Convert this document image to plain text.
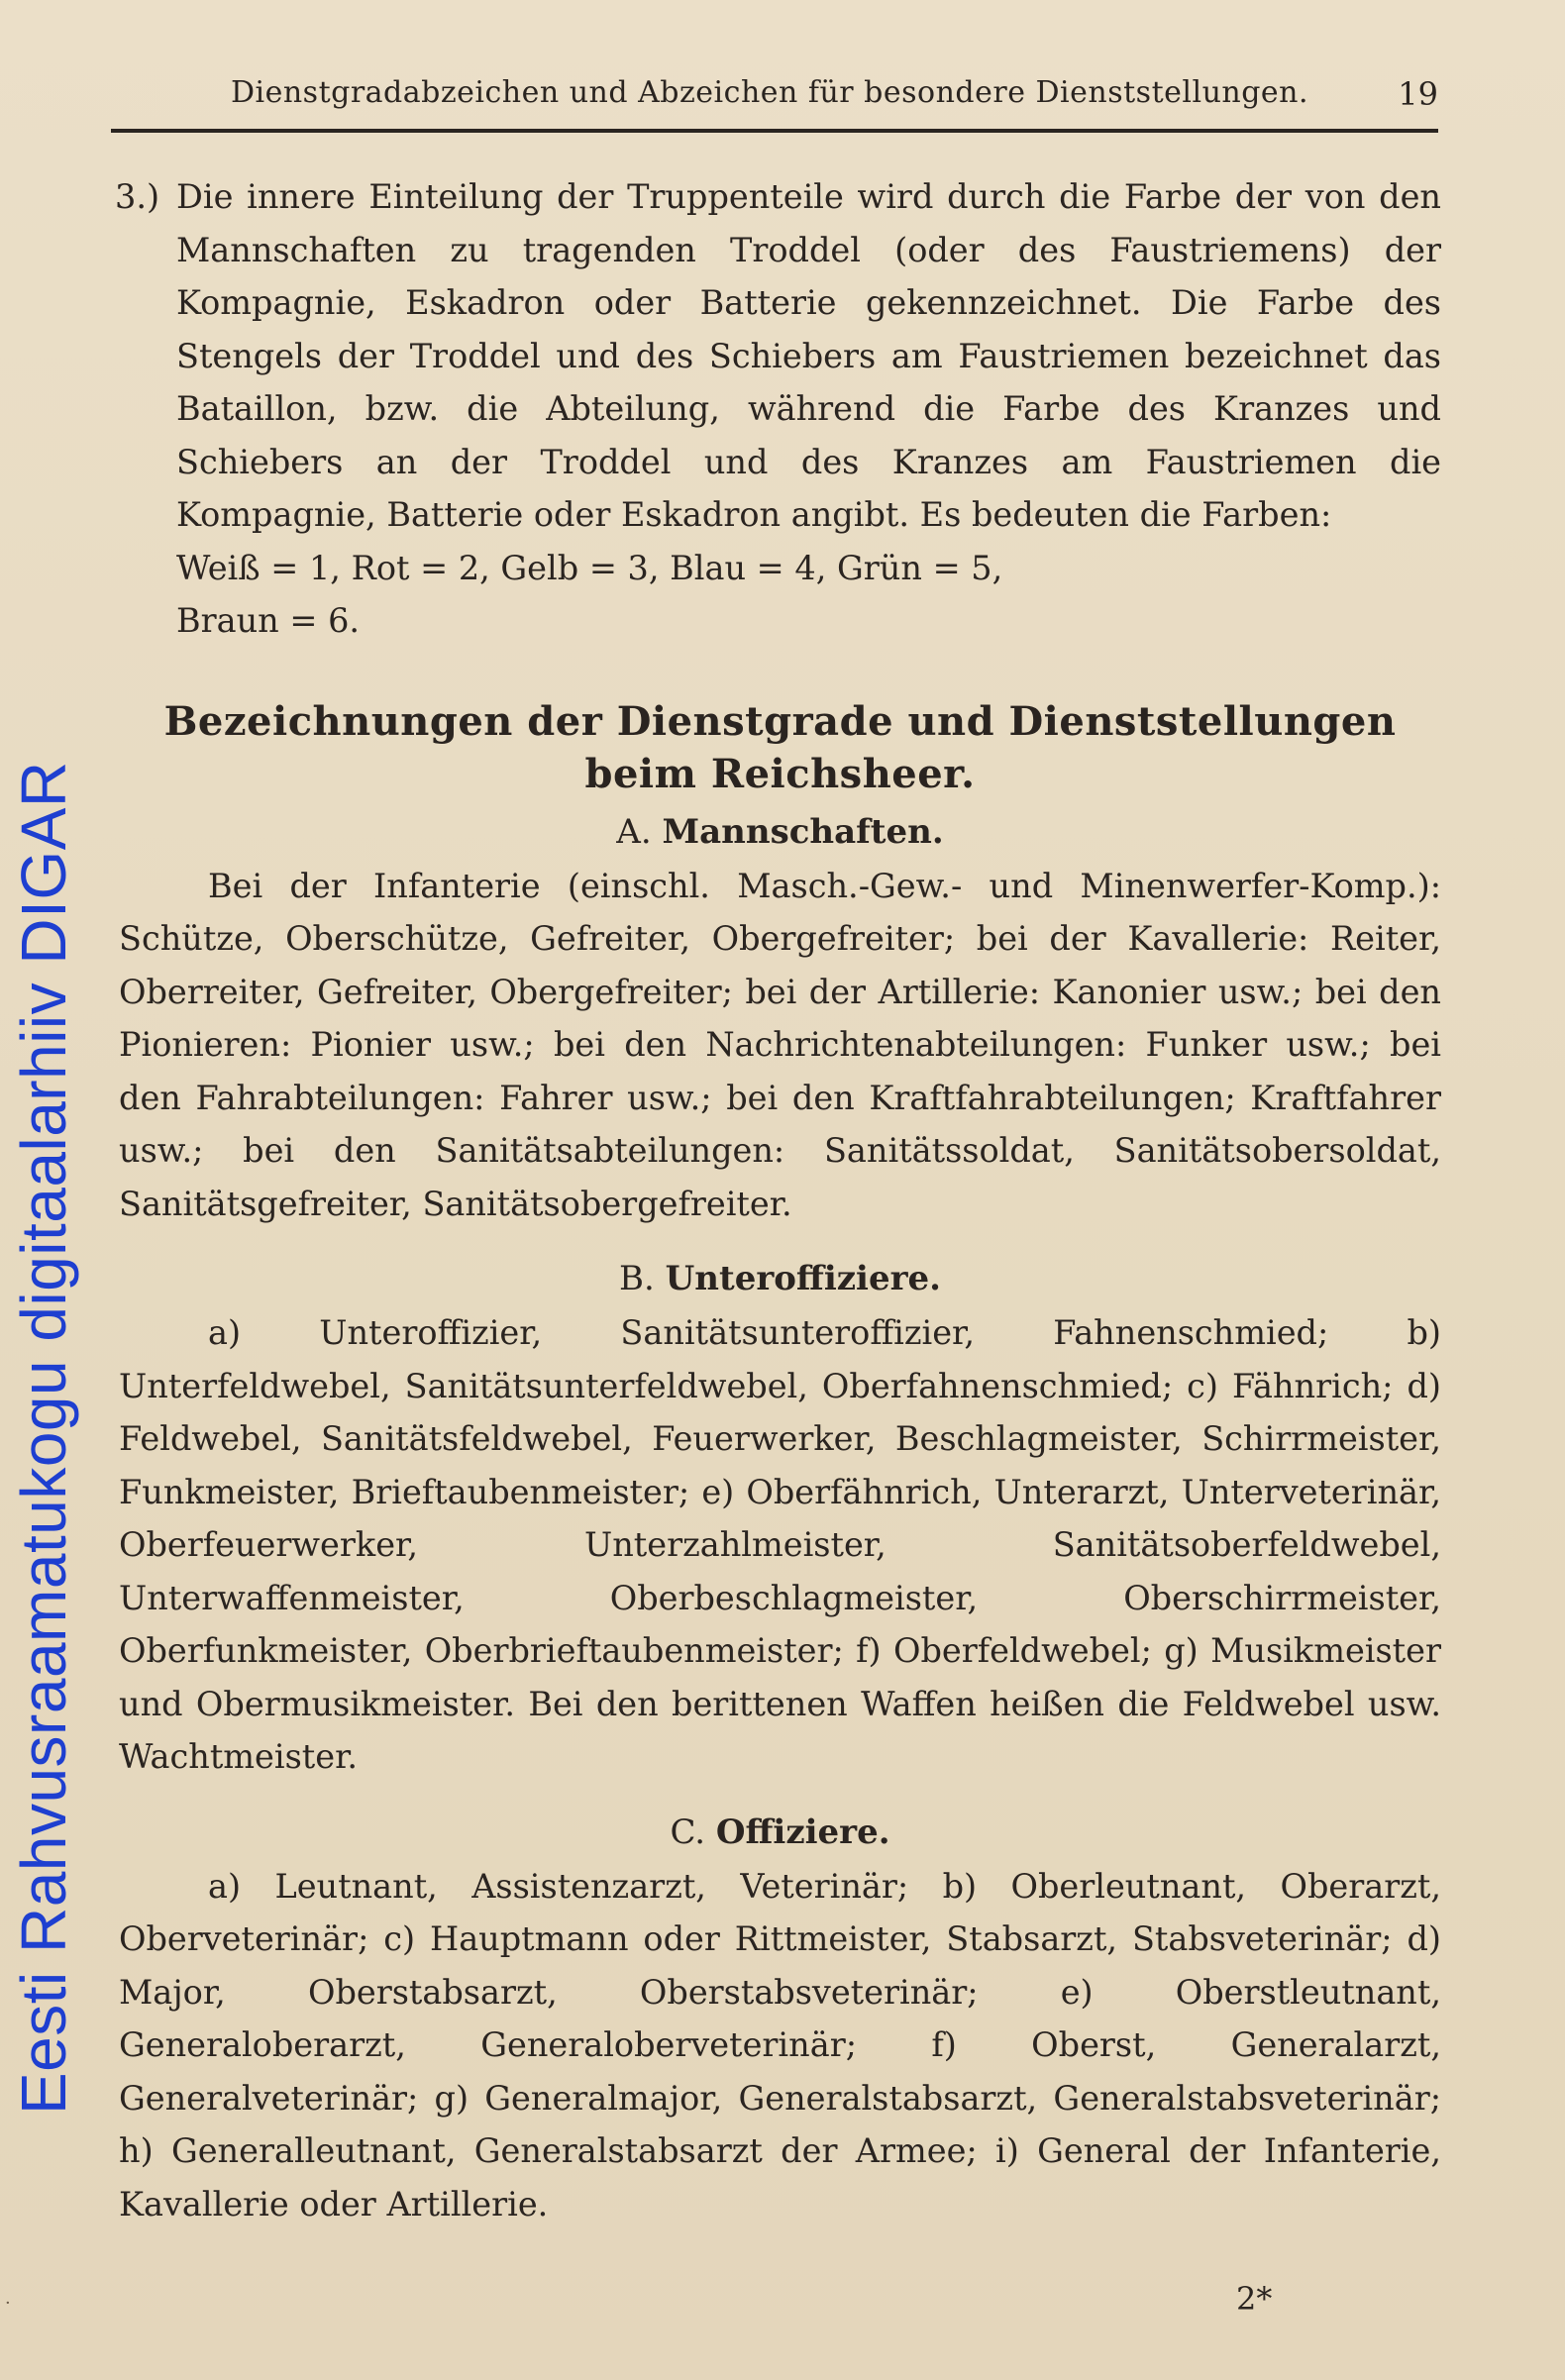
Eesti Rahvusraamatukogu digitaalarhiiv DIGAR
Dienstgradabzeichen und Abzeichen für besondere Dienststellungen.	19
3.) Die innere Einteilung der Truppenteile wird durch die Farbe der von den Mannschaften zu tragenden Troddel (oder des Faustriemens) der Kompagnie, Eskadron oder Batterie gekennzeichnet. Die Farbe des Stengels der Troddel und des Schiebers am Faustriemen bezeichnet das Bataillon, bzw. die Abteilung, während die Farbe des Kranzes und Schiebers an der Troddel und des Kranzes am Faustriemen die Kompagnie, Batterie oder Eskadron angibt. Es bedeuten die Farben:

Weiß = 1, Rot = 2, Gelb = 3, Blau = 4, Grün = 5,

Braun = 6.

Bezeichnungen der Dienstgrade und Dienststellungen beim Reichsheer.

A. Mannschaften.

Bei der Infanterie (einschl. Masch.-Gew.- und Minenwerfer-Komp.): Schütze, Oberschütze, Gefreiter, Obergefreiter; bei der Kavallerie: Reiter, Oberreiter, Gefreiter, Obergefreiter; bei der Artillerie: Kanonier usw.; bei den Pionieren: Pionier usw.; bei den Nachrichtenabteilungen: Funker usw.; bei den Fahrabteilungen: Fahrer usw.; bei den Kraftfahrabteilungen; Kraftfahrer usw.; bei den Sanitätsabteilungen: Sanitätssoldat, Sanitätsobersoldat, Sanitätsgefreiter, Sanitätsobergefreiter.

B. Unteroffiziere.

a) Unteroffizier, Sanitätsunteroffizier, Fahnenschmied; b) Unterfeldwebel, Sanitätsunterfeldwebel, Oberfahnenschmied; c) Fähnrich; d) Feldwebel, Sanitätsfeldwebel, Feuerwerker, Beschlagmeister, Schirrmeister, Funkmeister, Brieftaubenmeister; e) Oberfähnrich, Unterarzt, Unterveterinär, Oberfeuerwerker, Unterzahlmeister, Sanitätsoberfeldwebel, Unterwaffenmeister, Oberbeschlagmeister, Oberschirrmeister, Oberfunkmeister, Oberbrieftaubenmeister; f) Oberfeldwebel; g) Musikmeister und Obermusikmeister. Bei den berittenen Waffen heißen die Feldwebel usw. Wachtmeister.

C. Offiziere.

a) Leutnant, Assistenzarzt, Veterinär; b) Oberleutnant, Oberarzt, Oberveterinär; c) Hauptmann oder Rittmeister, Stabsarzt, Stabsveterinär; d) Major, Oberstabsarzt, Oberstabsveterinär; e) Oberstleutnant, Generaloberarzt, Generaloberveterinär; f) Oberst, Generalarzt, Generalveterinär; g) Generalmajor, Generalstabsarzt, Generalstabsveterinär; h) Generalleutnant, Generalstabsarzt der Armee; i) General der Infanterie, Kavallerie oder Artillerie.

2*
·
